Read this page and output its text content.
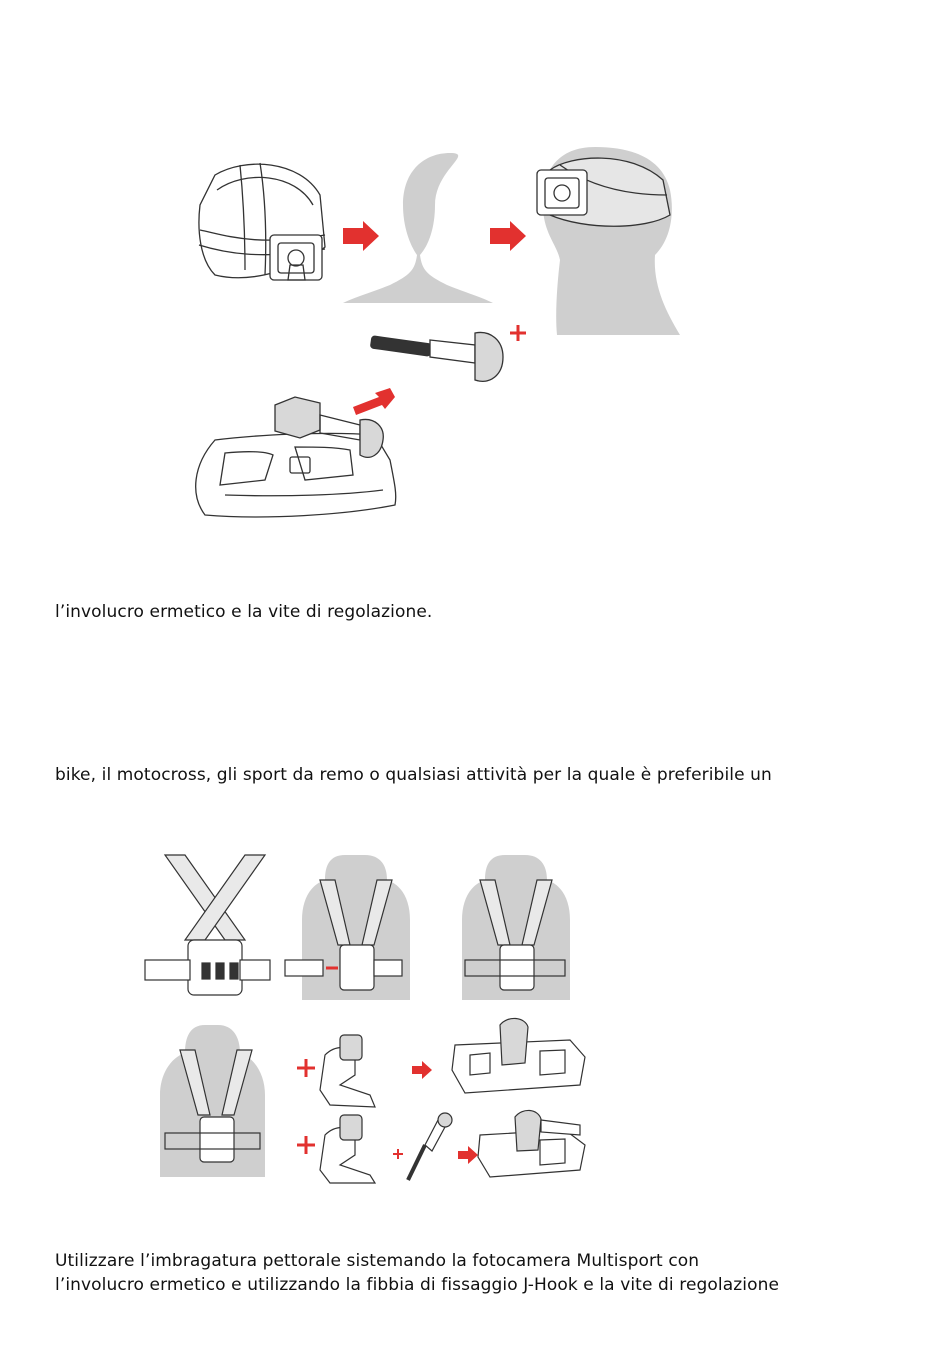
l’involucro ermetico e la vite di regolazione.
bike, il motocross, gli sport da remo o qualsiasi attività per la quale è preferibile un
Utilizzare l’imbragatura pettorale sistemando la fotocamera Multisport con
l’involucro ermetico e utilizzando la fibbia di fissaggio J-Hook e la vite di regolazione
